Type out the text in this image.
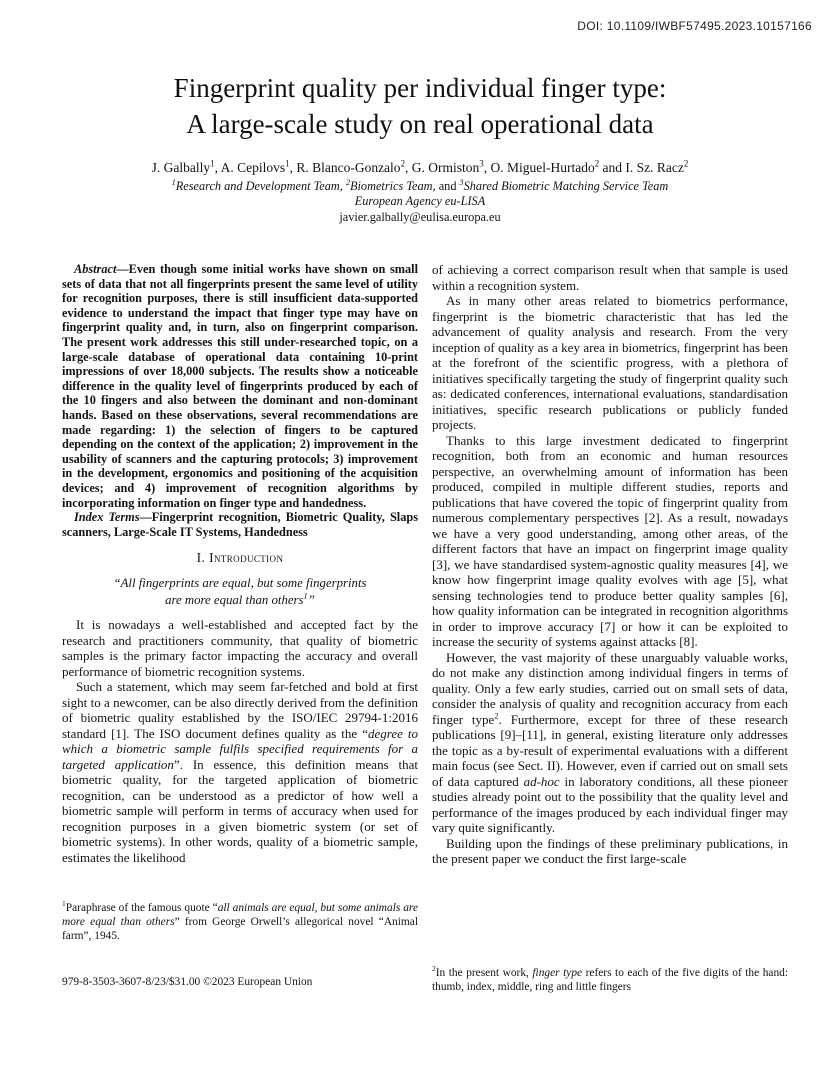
DOI: 10.1109/IWBF57495.2023.10157166
Fingerprint quality per individual finger type:
A large-scale study on real operational data
J. Galbally$^1$, A. Cepilovs$^1$, R. Blanco-Gonzalo$^2$, G. Ormiston$^3$, O. Miguel-Hurtado$^2$ and I. Sz. Racz$^2$
$^1$Research and Development Team, $^2$Biometrics Team, and $^3$Shared Biometric Matching Service Team
European Agency eu-LISA
javier.galbally@eulisa.europa.eu

Abstract—Even though some initial works have shown on small sets of data that not all fingerprints present the same level of utility for recognition purposes, there is still insufficient data-supported evidence to understand the impact that finger type may have on fingerprint quality and, in turn, also on fingerprint comparison. The present work addresses this still under-researched topic, on a large-scale database of operational data containing 10-print impressions of over 18,000 subjects. The results show a noticeable difference in the quality level of fingerprints produced by each of the 10 fingers and also between the dominant and non-dominant hands. Based on these observations, several recommendations are made regarding: 1) the selection of fingers to be captured depending on the context of the application; 2) improvement in the usability of scanners and the capturing protocols; 3) improvement in the development, ergonomics and positioning of the acquisition devices; and 4) improvement of recognition algorithms by incorporating information on finger type and handedness.

Index Terms—Fingerprint recognition, Biometric Quality, Slaps scanners, Large-Scale IT Systems, Handedness

I. Introduction
“All fingerprints are equal, but some fingerprints
are more equal than others$^1$”

It is nowadays a well-established and accepted fact by the research and practitioners community, that quality of biometric samples is the primary factor impacting the accuracy and overall performance of biometric recognition systems.

Such a statement, which may seem far-fetched and bold at first sight to a newcomer, can be also directly derived from the definition of biometric quality established by the ISO/IEC 29794-1:2016 standard [1]. The ISO document defines quality as the “degree to which a biometric sample fulfils specified requirements for a targeted application”. In essence, this definition means that biometric quality, for the targeted application of biometric recognition, can be understood as a predictor of how well a biometric sample will perform in terms of accuracy when used for recognition purposes in a given biometric system (or set of biometric systems). In other words, quality of a biometric sample, estimates the likelihood

$^1$Paraphrase of the famous quote “all animals are equal, but some animals are more equal than others” from George Orwell’s allegorical novel “Animal farm”, 1945.
979-8-3503-3607-8/23/$31.00 ©2023 European Union

of achieving a correct comparison result when that sample is used within a recognition system.

As in many other areas related to biometrics performance, fingerprint is the biometric characteristic that has led the advancement of quality analysis and research. From the very inception of quality as a key area in biometrics, fingerprint has been at the forefront of the scientific progress, with a plethora of initiatives specifically targeting the study of fingerprint quality such as: dedicated conferences, international evaluations, standardisation initiatives, specific research publications or publicly funded projects.

Thanks to this large investment dedicated to fingerprint recognition, both from an economic and human resources perspective, an overwhelming amount of information has been produced, compiled in multiple different studies, reports and publications that have covered the topic of fingerprint quality from numerous complementary perspectives [2]. As a result, nowadays we have a very good understanding, among other areas, of the different factors that have an impact on fingerprint image quality [3], we have standardised system-agnostic quality measures [4], we know how fingerprint image quality evolves with age [5], what sensing technologies tend to produce better quality samples [6], how quality information can be integrated in recognition algorithms in order to improve accuracy [7] or how it can be exploited to increase the security of systems against attacks [8].

However, the vast majority of these unarguably valuable works, do not make any distinction among individual fingers in terms of quality. Only a few early studies, carried out on small sets of data, consider the analysis of quality and recognition accuracy from each finger type$^2$. Furthermore, except for three of these research publications [9]–[11], in general, existing literature only addresses the topic as a by-result of experimental evaluations with a different main focus (see Sect. II). However, even if carried out on small sets of data captured ad-hoc in laboratory conditions, all these pioneer studies already point out to the possibility that the quality level and performance of the images produced by each individual finger may vary quite significantly.

Building upon the findings of these preliminary publications, in the present paper we conduct the first large-scale

$^2$In the present work, finger type refers to each of the five digits of the hand: thumb, index, middle, ring and little fingers
